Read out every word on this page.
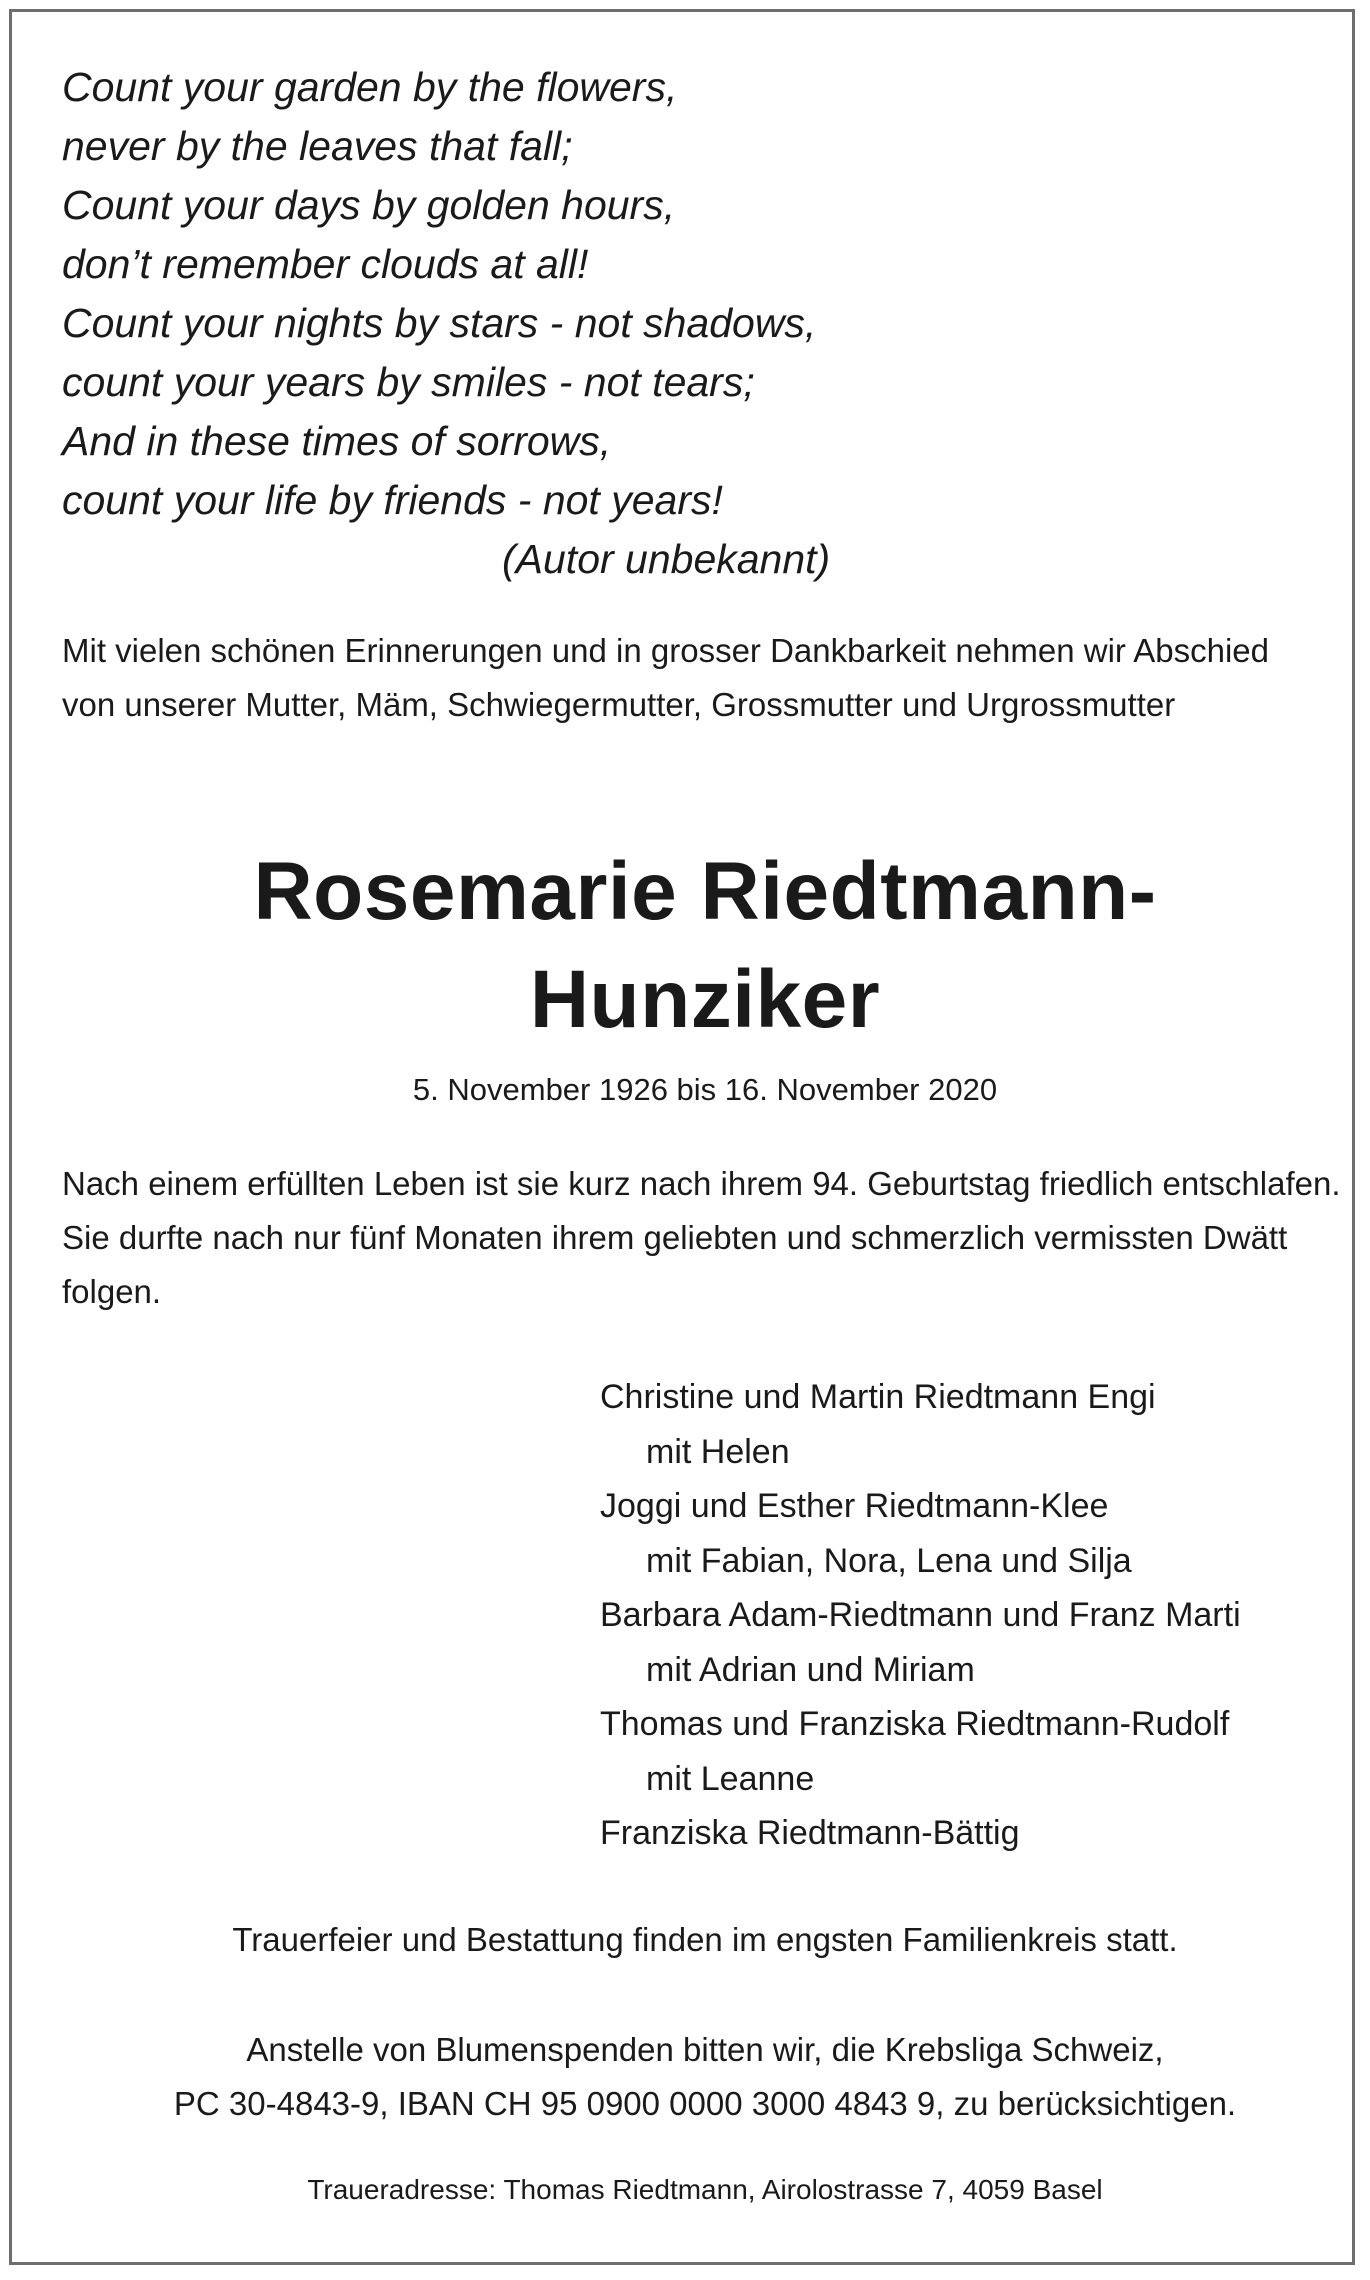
Count your garden by the flowers,
never by the leaves that fall;
Count your days by golden hours,
don’t remember clouds at all!
Count your nights by stars - not shadows,
count your years by smiles - not tears;
And in these times of sorrows,
count your life by friends - not years!
(Autor unbekannt)
Mit vielen schönen Erinnerungen und in grosser Dankbarkeit nehmen wir Abschied von unserer Mutter, Mäm, Schwiegermutter, Grossmutter und Urgrossmutter
Rosemarie Riedtmann-
Hunziker
5. November 1926 bis 16. November 2020
Nach einem erfüllten Leben ist sie kurz nach ihrem 94. Geburtstag friedlich entschlafen. Sie durfte nach nur fünf Monaten ihrem geliebten und schmerzlich vermissten Dwätt folgen.
Christine und Martin Riedtmann Engi
mit Helen
Joggi und Esther Riedtmann-Klee
mit Fabian, Nora, Lena und Silja
Barbara Adam-Riedtmann und Franz Marti
mit Adrian und Miriam
Thomas und Franziska Riedtmann-Rudolf
mit Leanne
Franziska Riedtmann-Bättig
Trauerfeier und Bestattung finden im engsten Familienkreis statt.
Anstelle von Blumenspenden bitten wir, die Krebsliga Schweiz,
PC 30-4843-9, IBAN CH 95 0900 0000 3000 4843 9, zu berücksichtigen.
Traueradresse: Thomas Riedtmann, Airolostrasse 7, 4059 Basel
